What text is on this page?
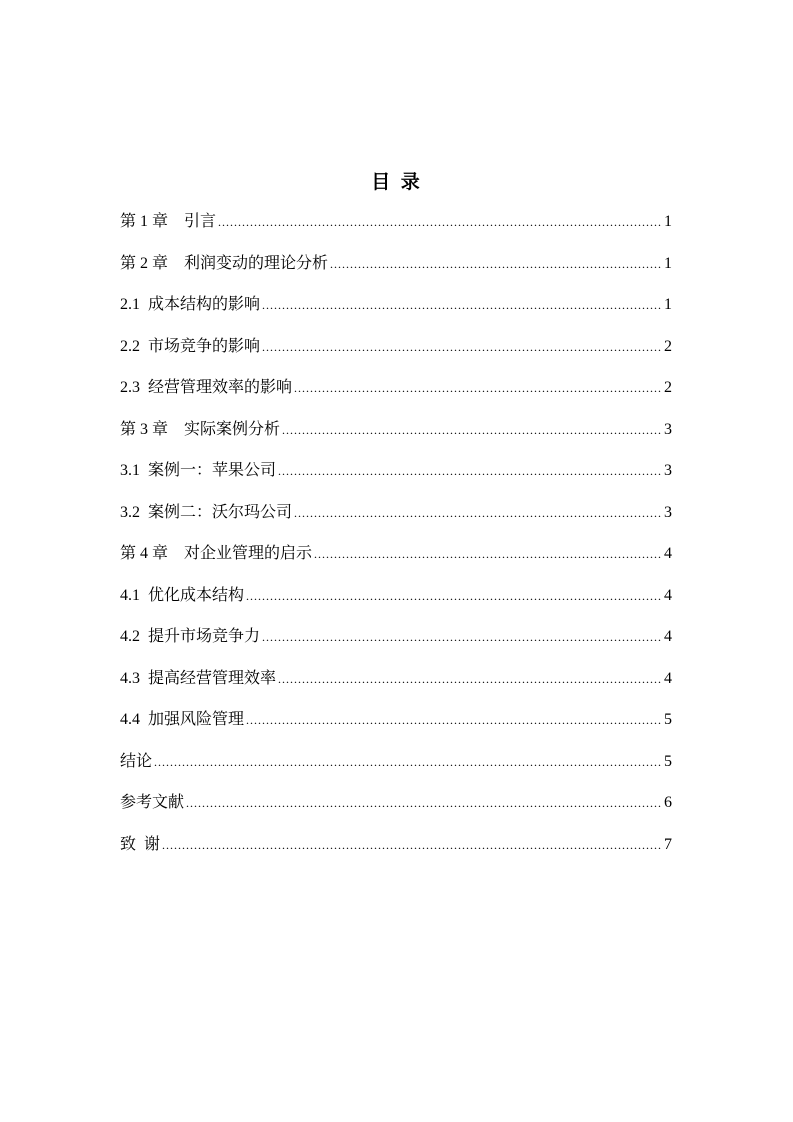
目 录
第 1 章　引言 .....	1
第 2 章　利润变动的理论分析 .....	1
2.1  成本结构的影响 .....	1
2.2  市场竞争的影响 .....	2
2.3  经营管理效率的影响 .....	2
第 3 章　实际案例分析 .....	3
3.1  案例一：苹果公司 .....	3
3.2  案例二：沃尔玛公司 .....	3
第 4 章　对企业管理的启示 .....	4
4.1  优化成本结构 .....	4
4.2  提升市场竞争力 .....	4
4.3  提高经营管理效率 .....	4
4.4  加强风险管理 .....	5
结论 .....	5
参考文献 .....	6
致  谢 .....	7
